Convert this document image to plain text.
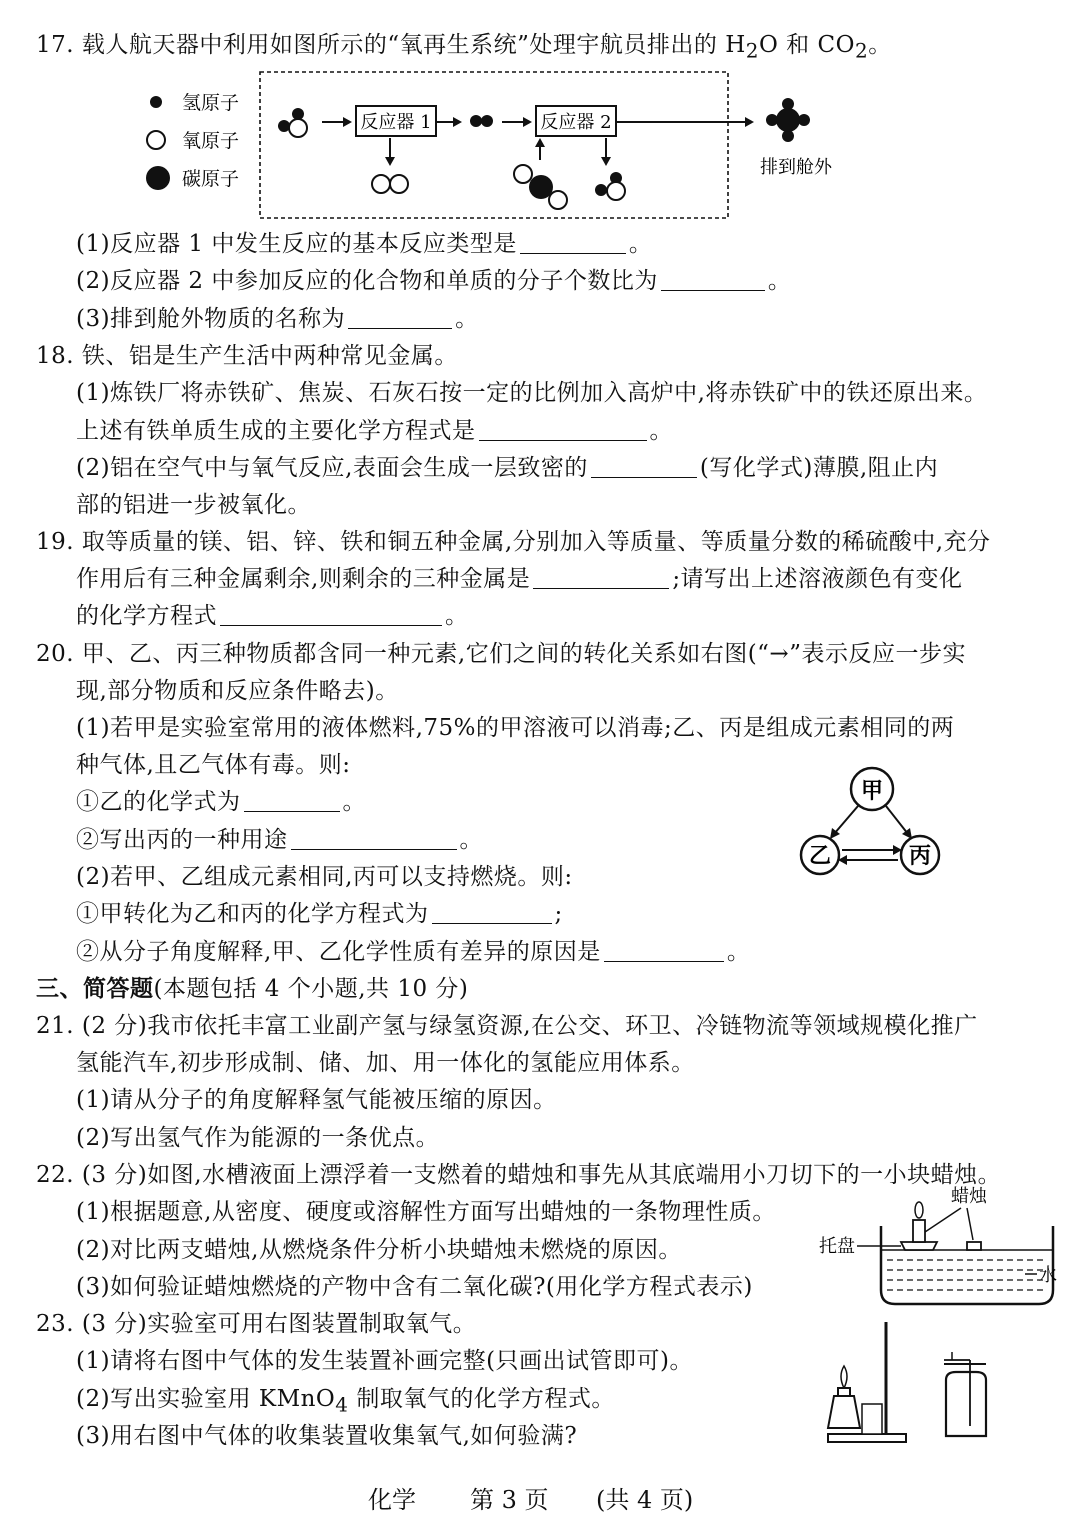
17. 载人航天器中利用如图所示的“氧再生系统”处理宇航员排出的 $H_2O$ 和 $CO_2$。
氢原子
氧原子
碳原子
反应器 1	反应器 2
排到舱外
(1)反应器 1 中发生反应的基本反应类型是	。
(2)反应器 2 中参加反应的化合物和单质的分子个数比为	。
(3)排到舱外物质的名称为	。
18. 铁、铝是生产生活中两种常见金属。
(1)炼铁厂将赤铁矿、焦炭、石灰石按一定的比例加入高炉中,将赤铁矿中的铁还原出来。
上述有铁单质生成的主要化学方程式是	。
(2)铝在空气中与氧气反应,表面会生成一层致密的	(写化学式)薄膜,阻止内
部的铝进一步被氧化。
19. 取等质量的镁、铝、锌、铁和铜五种金属,分别加入等质量、等质量分数的稀硫酸中,充分
作用后有三种金属剩余,则剩余的三种金属是	;请写出上述溶液颜色有变化
的化学方程式	。
20. 甲、乙、丙三种物质都含同一种元素,它们之间的转化关系如右图(“→”表示反应一步实
现,部分物质和反应条件略去)。
(1)若甲是实验室常用的液体燃料,75%的甲溶液可以消毒;乙、丙是组成元素相同的两
种气体,且乙气体有毒。则:
①乙的化学式为	。
②写出丙的一种用途	。
(2)若甲、乙组成元素相同,丙可以支持燃烧。则:
①甲转化为乙和丙的化学方程式为	;
②从分子角度解释,甲、乙化学性质有差异的原因是	。
甲
乙	丙
三、简答题(本题包括 4 个小题,共 10 分)
21. (2 分)我市依托丰富工业副产氢与绿氢资源,在公交、环卫、冷链物流等领域规模化推广
氢能汽车,初步形成制、储、加、用一体化的氢能应用体系。
(1)请从分子的角度解释氢气能被压缩的原因。
(2)写出氢气作为能源的一条优点。
22. (3 分)如图,水槽液面上漂浮着一支燃着的蜡烛和事先从其底端用小刀切下的一小块蜡烛。
(1)根据题意,从密度、硬度或溶解性方面写出蜡烛的一条物理性质。
(2)对比两支蜡烛,从燃烧条件分析小块蜡烛未燃烧的原因。
(3)如何验证蜡烛燃烧的产物中含有二氧化碳?(用化学方程式表示)
蜡烛
托盘
水
23. (3 分)实验室可用右图装置制取氧气。
(1)请将右图中气体的发生装置补画完整(只画出试管即可)。
(2)写出实验室用 KMnO$_4$ 制取氧气的化学方程式。
(3)用右图中气体的收集装置收集氧气,如何验满?
化学 第 3 页 (共 4 页)
